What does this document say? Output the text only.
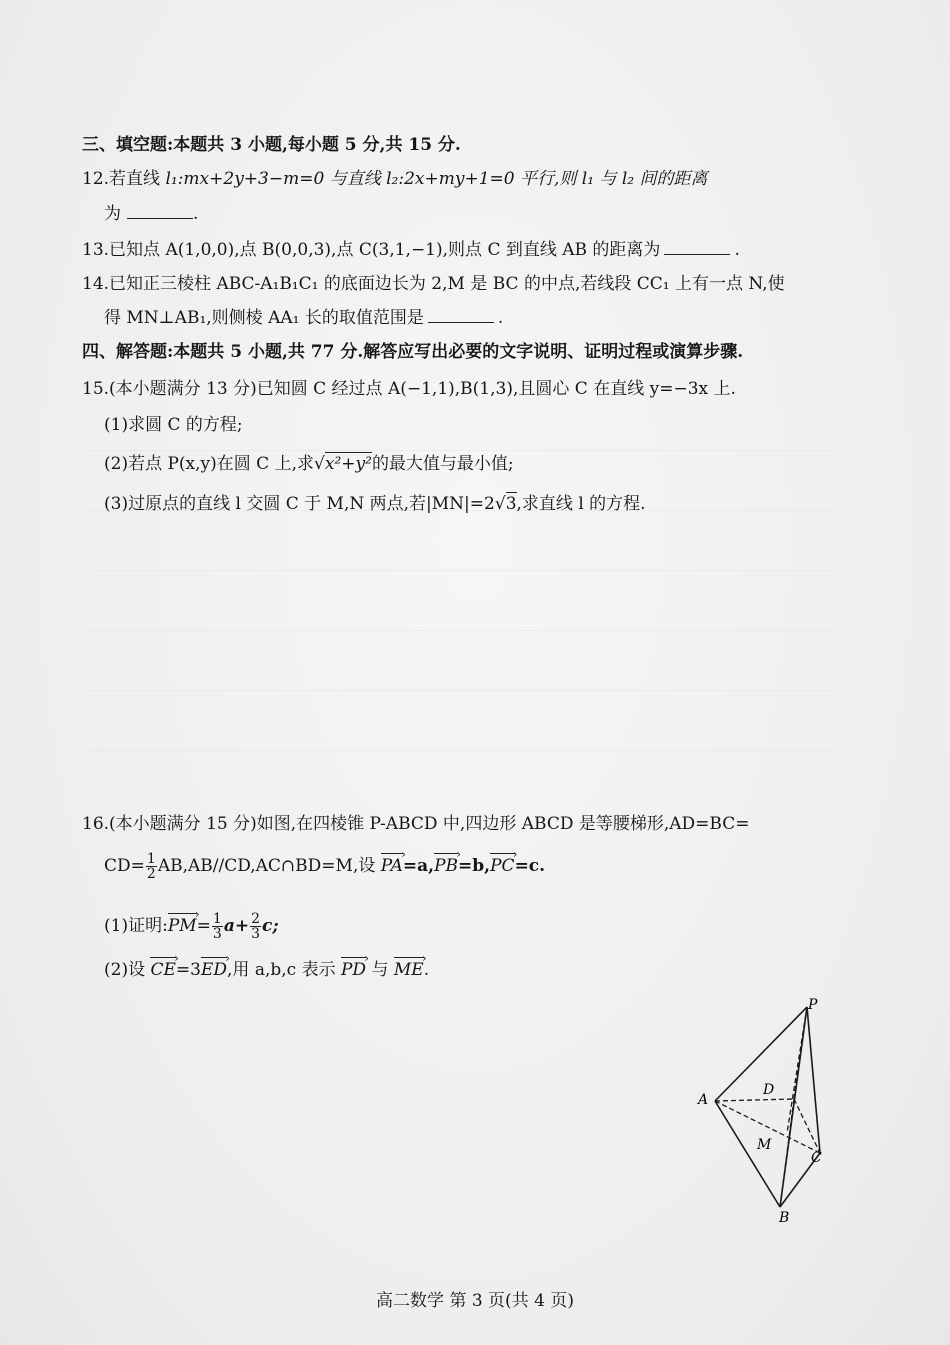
三、填空题:本题共 3 小题,每小题 5 分,共 15 分.
12.若直线 l₁:mx+2y+3−m=0 与直线 l₂:2x+my+1=0 平行,则 l₁ 与 l₂ 间的距离
为	.
13.已知点 A(1,0,0),点 B(0,0,3),点 C(3,1,−1),则点 C 到直线 AB 的距离为	.
14.已知正三棱柱 ABC-A₁B₁C₁ 的底面边长为 2,M 是 BC 的中点,若线段 CC₁ 上有一点 N,使
得 MN⊥AB₁,则侧棱 AA₁ 长的取值范围是	.
四、解答题:本题共 5 小题,共 77 分.解答应写出必要的文字说明、证明过程或演算步骤.
15.(本小题满分 13 分)已知圆 C 经过点 A(−1,1),B(1,3),且圆心 C 在直线 y=−3x 上.
(1)求圆 C 的方程;
(2)若点 P(x,y)在圆 C 上,求√x²+y²的最大值与最小值;
(3)过原点的直线 l 交圆 C 于 M,N 两点,若|MN|=2√3,求直线 l 的方程.
16.(本小题满分 15 分)如图,在四棱锥 P-ABCD 中,四边形 ABCD 是等腰梯形,AD=BC=
$CD= \frac{1}{2}$ AB,AB//CD,AC∩BD=M,设 PA ›=a,PB ›=b,PC ›=c.
(1)证明:PM ›= $\frac{1}{3} a+ \frac{2}{3} c$;
(2)设 CE ›=3ED ›,用 a,b,c 表示 PD › 与 ME ›.
P
A
D
M
C
B
高二数学 第 3 页(共 4 页)
